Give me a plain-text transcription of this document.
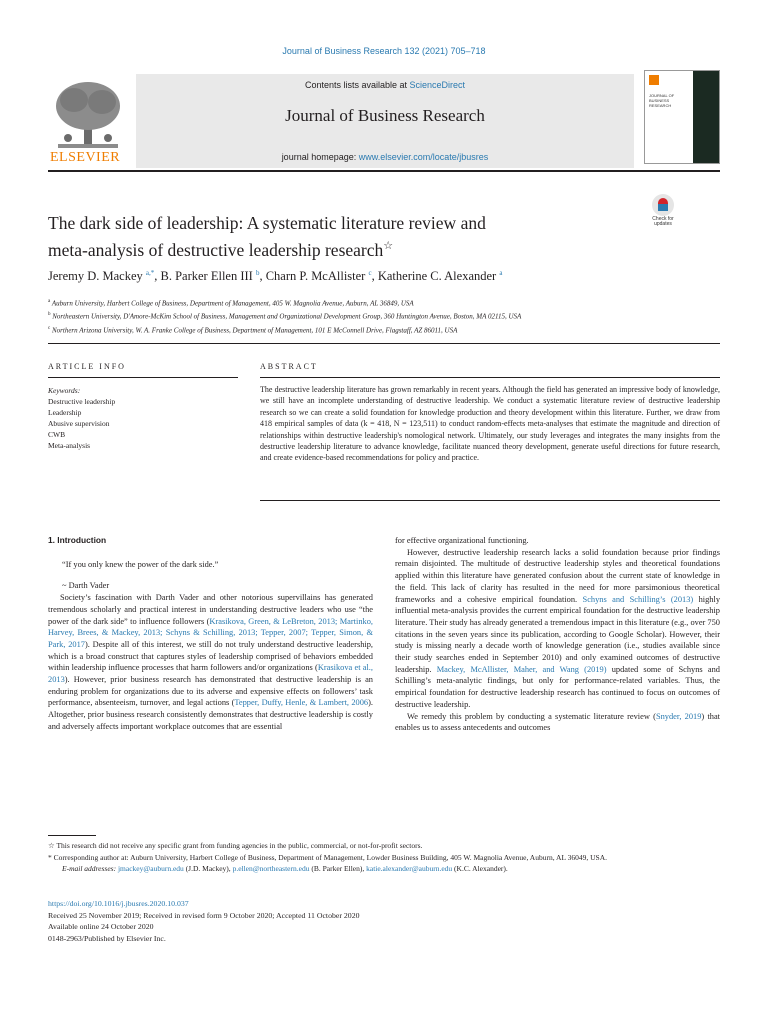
Journal of Business Research 132 (2021) 705–718
ELSEVIER
Contents lists available at ScienceDirect
Journal of Business Research
journal homepage: www.elsevier.com/locate/jbusres
JOURNAL OF BUSINESS RESEARCH
Check for updates
The dark side of leadership: A systematic literature review and
meta-analysis of destructive leadership research☆
Jeremy D. Mackey $^{a,*}$, B. Parker Ellen III $^b$, Charn P. McAllister $^c$, Katherine C. Alexander $^a$
$^a$ Auburn University, Harbert College of Business, Department of Management, 405 W. Magnolia Avenue, Auburn, AL 36849, USA
$^b$ Northeastern University, D'Amore-McKim School of Business, Management and Organizational Development Group, 360 Huntington Avenue, Boston, MA 02115, USA
$^c$ Northern Arizona University, W. A. Franke College of Business, Department of Management, 101 E McConnell Drive, Flagstaff, AZ 86011, USA
ARTICLE INFO
Keywords:
Destructive leadership
Leadership
Abusive supervision
CWB
Meta-analysis
ABSTRACT
The destructive leadership literature has grown remarkably in recent years. Although the field has generated an impressive body of knowledge, we still have an incomplete understanding of destructive leadership. We conduct a systematic literature review of destructive leadership research so we can create a solid foundation for knowledge production and theory development within this literature. Further, we draw from 418 empirical samples of data (k = 418, N = 123,511) to conduct random-effects meta-analyses that estimate the magnitude and direction of relationships within destructive leadership's nomological network. Ultimately, our study leverages and integrates the many insights from the destructive leadership literature to advance knowledge, facilitate nuanced theory development, generate useful directions for future research, and create evidence-based recommendations for policy and practice.
1. Introduction

“If you only knew the power of the dark side.”

~ Darth Vader

Society’s fascination with Darth Vader and other notorious supervillains has generated tremendous scholarly and practical interest in understanding destructive leaders who use “the power of the dark side” to influence followers (Krasikova, Green, & LeBreton, 2013; Martinko, Harvey, Brees, & Mackey, 2013; Schyns & Schilling, 2013; Tepper, 2007; Tepper, Simon, & Park, 2017). Despite all of this interest, we still do not truly understand destructive leadership, which is a broad construct that captures styles of leadership comprised of behaviors embedded within leadership influence processes that harm followers and/or organizations (Krasikova et al., 2013). However, prior business research has demonstrated that destructive leadership is an enduring problem for organizations due to its adverse and expensive effects on followers’ task performance, absenteeism, turnover, and legal actions (Tepper, Duffy, Henle, & Lambert, 2006). Altogether, prior business research consistently demonstrates that destructive leadership is costly and adversely affects important workplace outcomes that are essential

for effective organizational functioning.

However, destructive leadership research lacks a solid foundation because prior findings remain disjointed. The multitude of destructive leadership styles and theoretical foundations applied within this literature have generated confusion about the current state of knowledge in the field. This lack of clarity has resulted in the need for more parsimonious theoretical frameworks and a cohesive empirical foundation. Schyns and Schilling’s (2013) highly influential meta-analysis provides the current empirical foundation for the destructive leadership literature. Their study has already generated a tremendous impact in this literature (e.g., over 750 citations in the seven years since its publication, according to Google Scholar). However, their study is missing nearly a decade worth of knowledge generation (i.e., studies available since their study searches ended in September 2010) and only examined outcomes of destructive leadership. Mackey, McAllister, Maher, and Wang (2019) updated some of Schyns and Schilling’s meta-analytic findings, but only for performance-related variables. Thus, the empirical foundation for destructive leadership research has continued to focus on outcomes of destructive leadership.

We remedy this problem by conducting a systematic literature review (Snyder, 2019) that enables us to assess antecedents and outcomes

☆ This research did not receive any specific grant from funding agencies in the public, commercial, or not-for-profit sectors.
* Corresponding author at: Auburn University, Harbert College of Business, Department of Management, Lowder Business Building, 405 W. Magnolia Avenue, Auburn, AL 36049, USA.
E-mail addresses: jmackey@auburn.edu (J.D. Mackey), p.ellen@northeastern.edu (B. Parker Ellen), katie.alexander@auburn.edu (K.C. Alexander).
https://doi.org/10.1016/j.jbusres.2020.10.037
Received 25 November 2019; Received in revised form 9 October 2020; Accepted 11 October 2020
Available online 24 October 2020
0148-2963/Published by Elsevier Inc.
